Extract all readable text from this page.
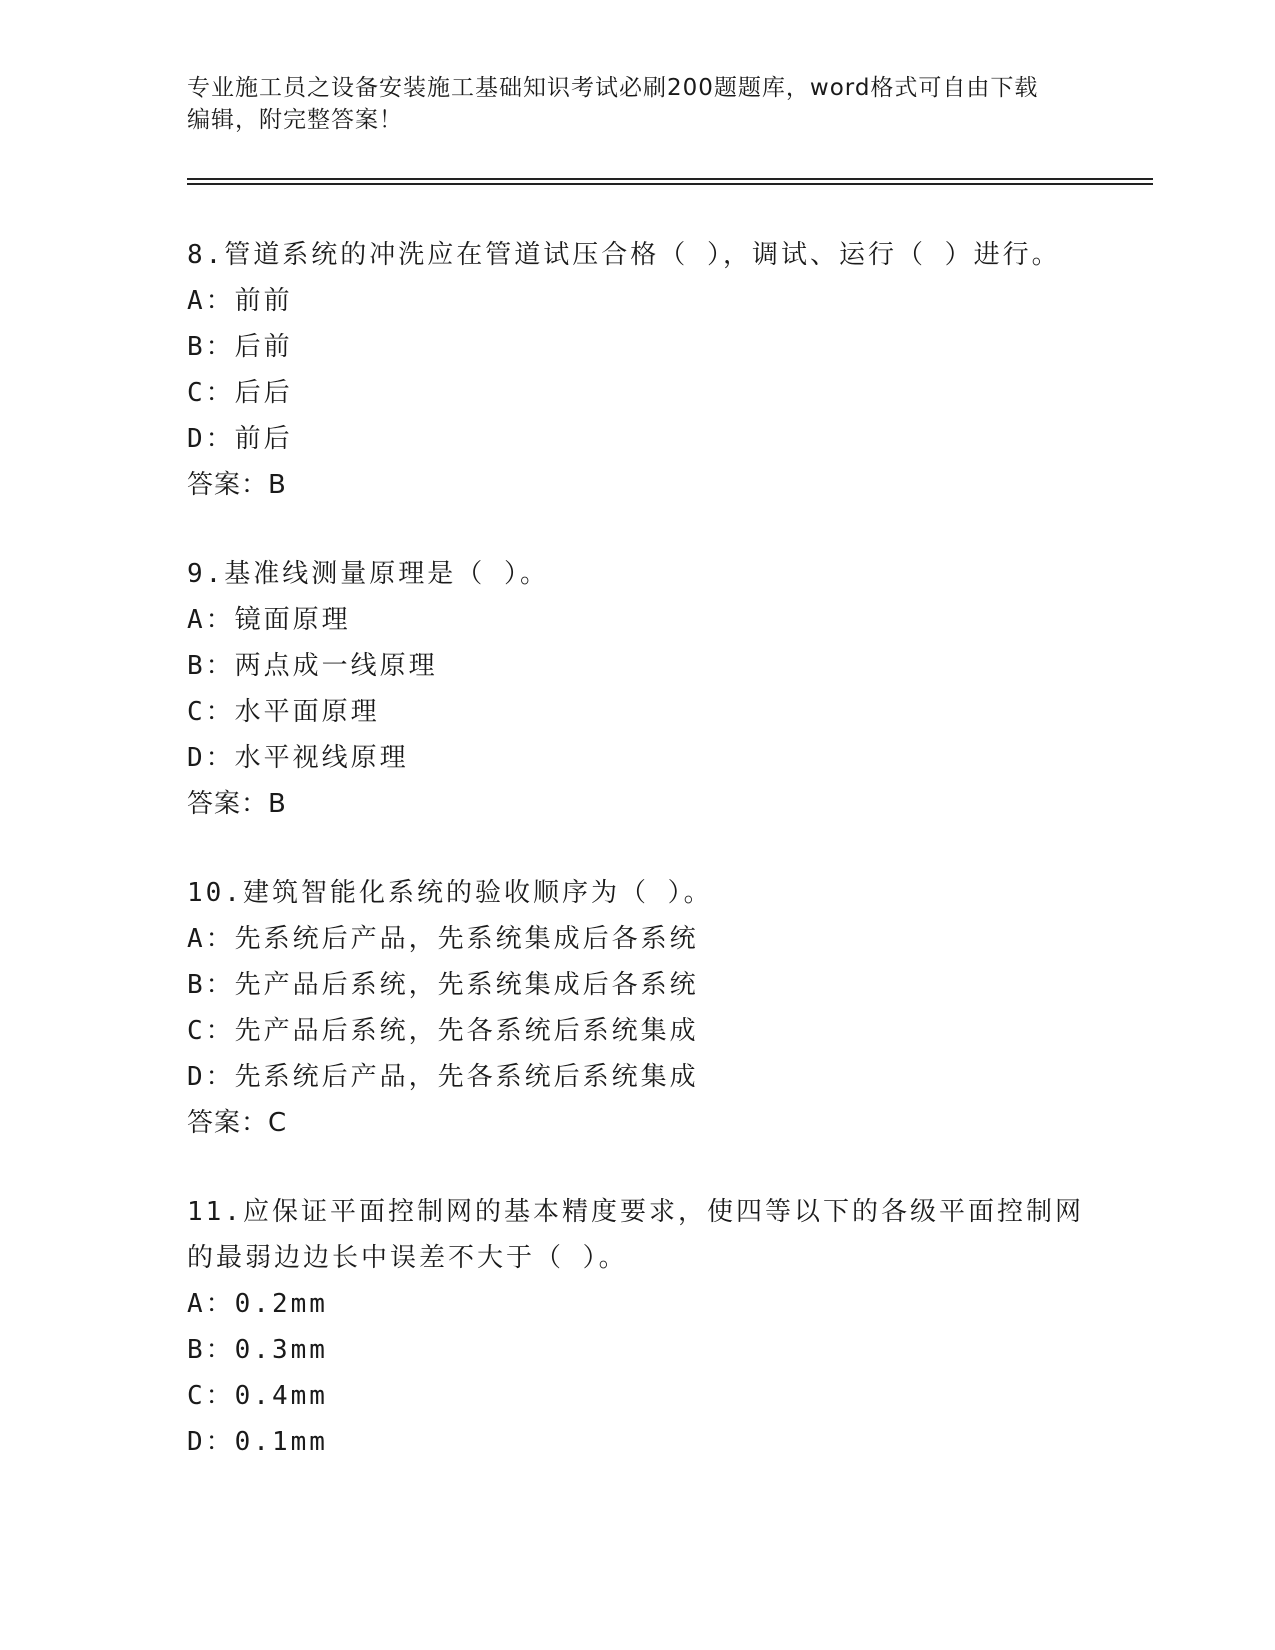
专业施工员之设备安装施工基础知识考试必刷200题题库，word格式可自由下载
编辑，附完整答案！

8.管道系统的冲洗应在管道试压合格（ ），调试、运行（ ）进行。

A：前前

B：后前

C：后后

D：前后

答案：B

9.基准线测量原理是（ ）。

A：镜面原理

B：两点成一线原理

C：水平面原理

D：水平视线原理

答案：B

10.建筑智能化系统的验收顺序为（ ）。

A：先系统后产品，先系统集成后各系统

B：先产品后系统，先系统集成后各系统

C：先产品后系统，先各系统后系统集成

D：先系统后产品，先各系统后系统集成

答案：C

11.应保证平面控制网的基本精度要求，使四等以下的各级平面控制网的最弱边边长中误差不大于（ ）。

A：0.2mm

B：0.3mm

C：0.4mm

D：0.1mm
